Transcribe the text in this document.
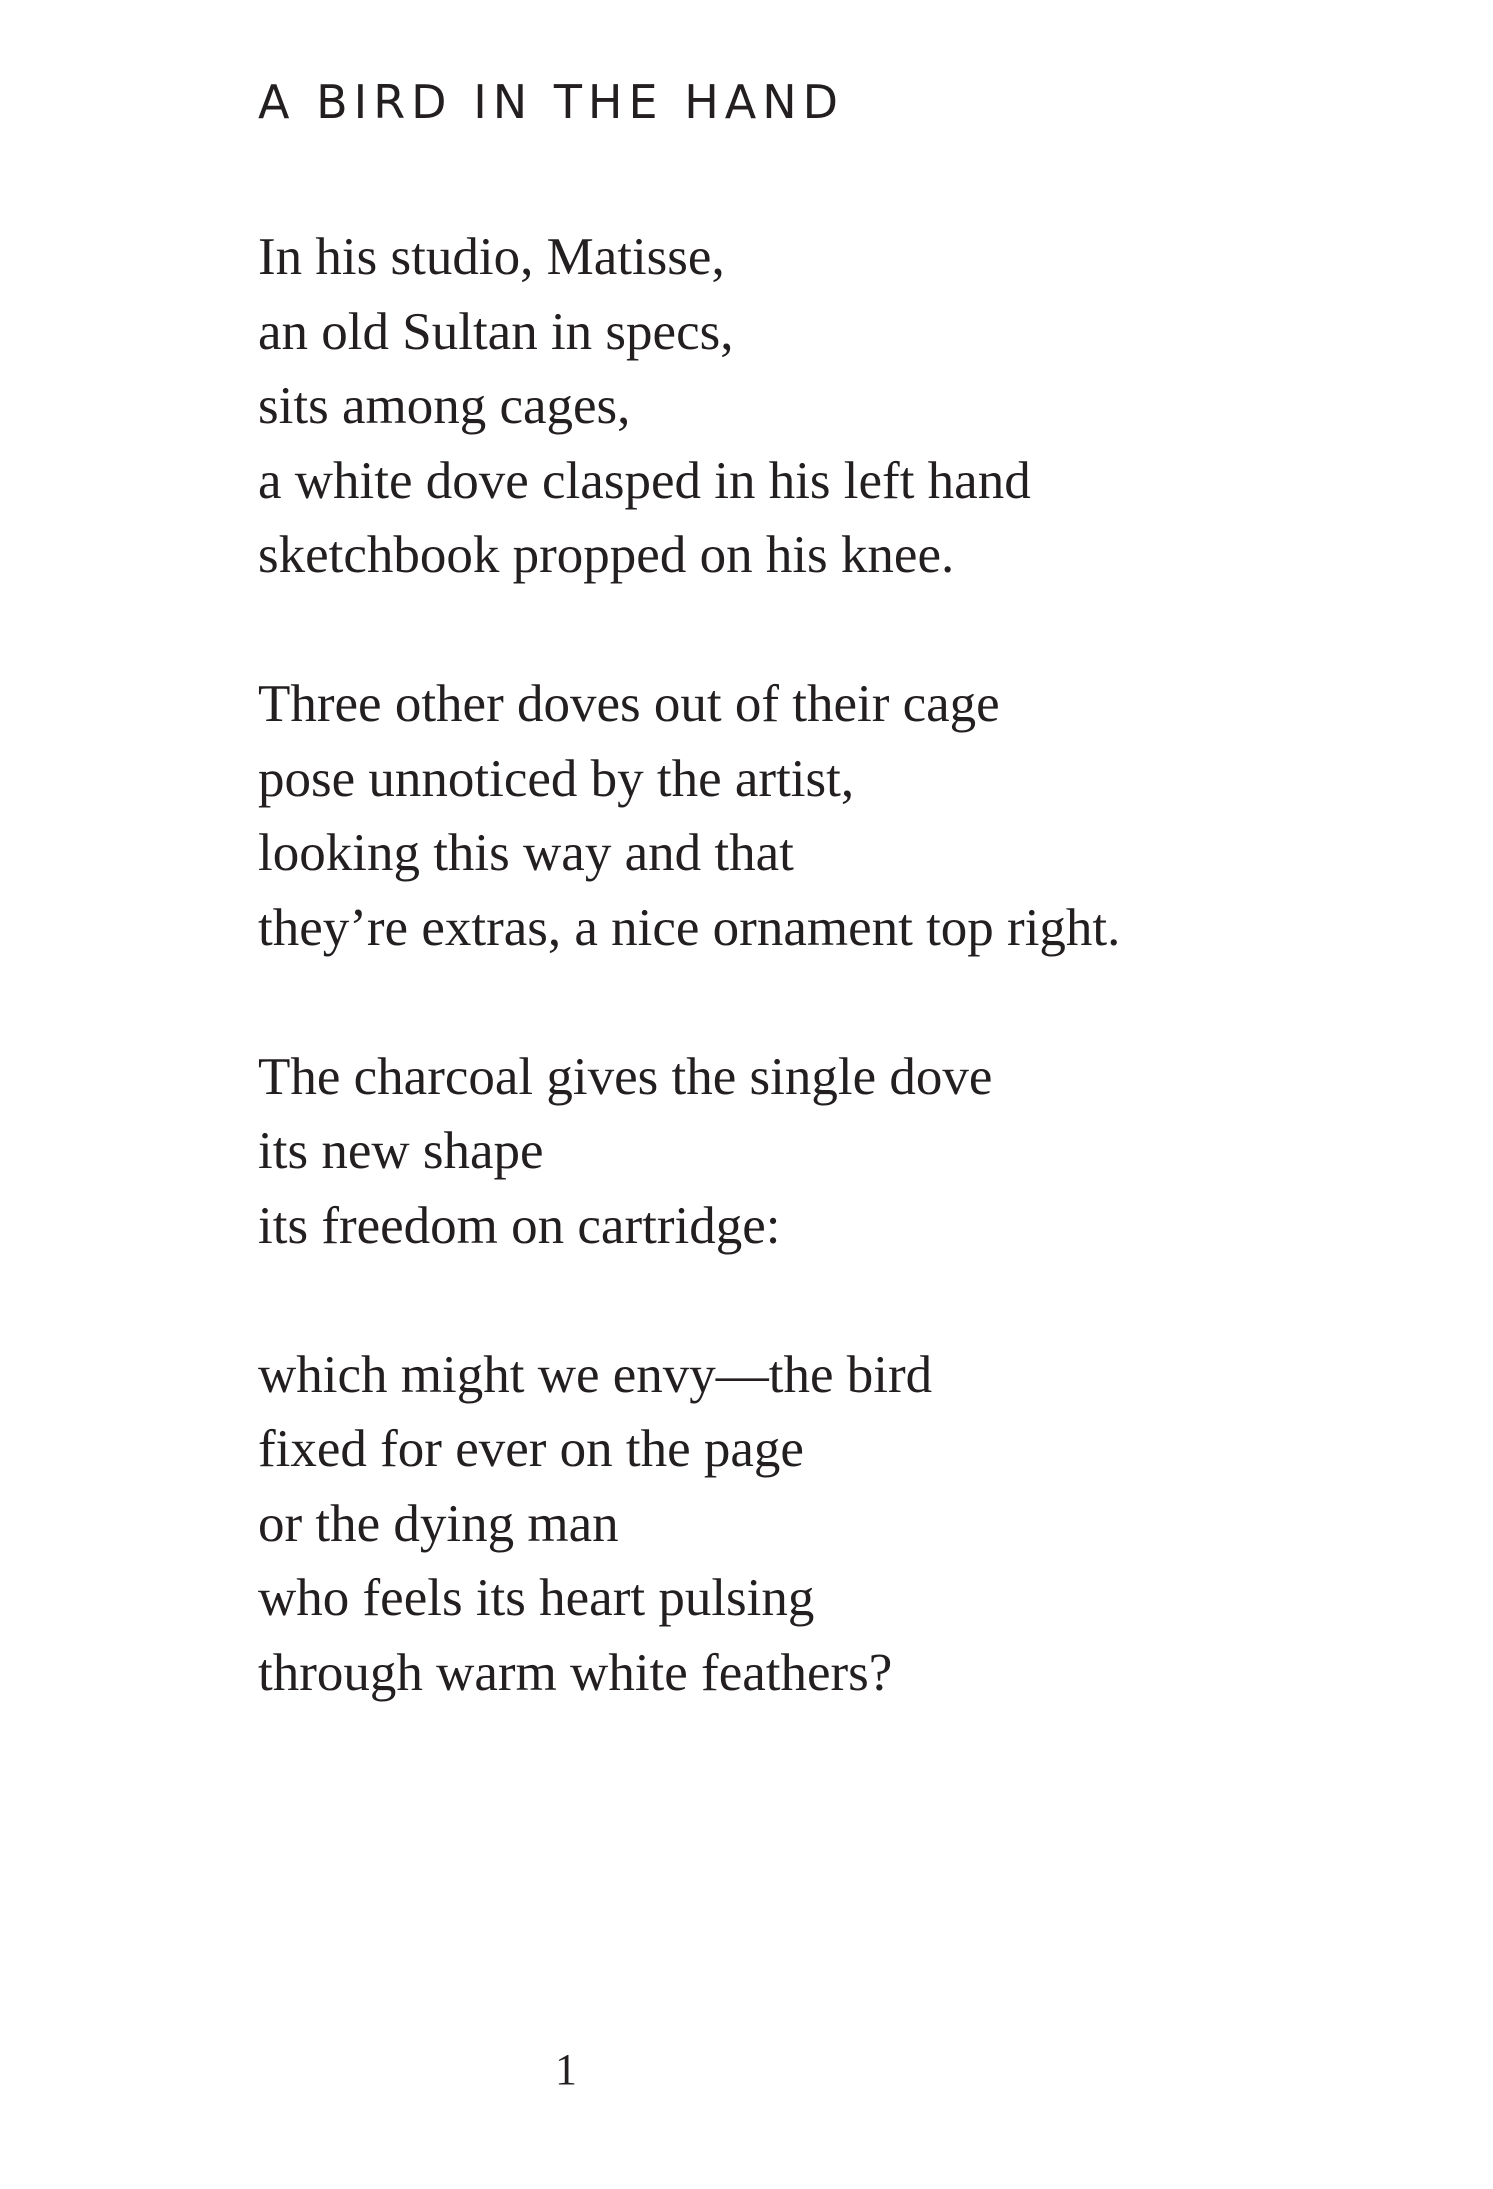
A BIRD IN THE HAND

In his studio, Matisse,
an old Sultan in specs,
sits among cages,
a white dove clasped in his left hand
sketchbook propped on his knee.

Three other doves out of their cage
pose unnoticed by the artist,
looking this way and that
they’re extras, a nice ornament top right.

The charcoal gives the single dove
its new shape
its freedom on cartridge:

which might we envy—the bird
fixed for ever on the page
or the dying man
who feels its heart pulsing
through warm white feathers?

1
